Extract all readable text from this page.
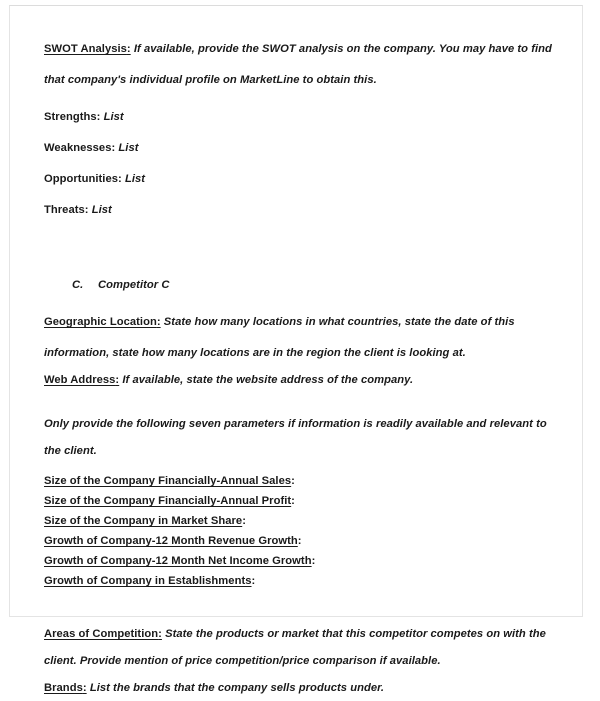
SWOT Analysis: If available, provide the SWOT analysis on the company. You may have to find that company's individual profile on MarketLine to obtain this.

Strengths: List

Weaknesses: List

Opportunities: List

Threats: List

C. Competitor C

Geographic Location: State how many locations in what countries, state the date of this information, state how many locations are in the region the client is looking at.

Web Address: If available, state the website address of the company.

Only provide the following seven parameters if information is readily available and relevant to the client.

Size of the Company Financially-Annual Sales:

Size of the Company Financially-Annual Profit:

Size of the Company in Market Share:

Growth of Company-12 Month Revenue Growth:

Growth of Company-12 Month Net Income Growth:

Growth of Company in Establishments:

Areas of Competition: State the products or market that this competitor competes on with the client. Provide mention of price competition/price comparison if available.

Brands: List the brands that the company sells products under.
